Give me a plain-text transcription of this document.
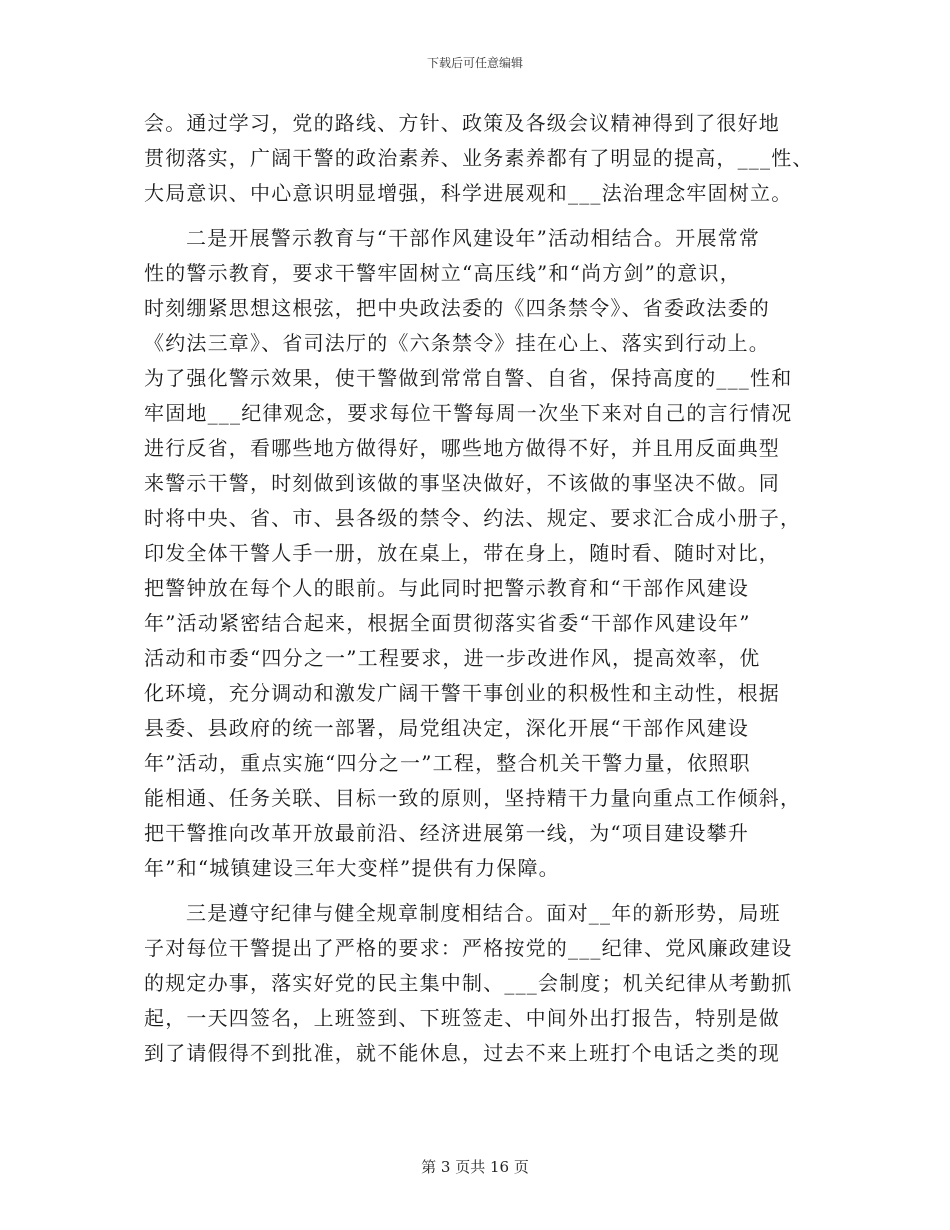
下载后可任意编辑
会。通过学习，党的路线、方针、政策及各级会议精神得到了很好地
贯彻落实，广阔干警的政治素养、业务素养都有了明显的提高，___性、
大局意识、中心意识明显增强，科学进展观和___法治理念牢固树立。
二是开展警示教育与“干部作风建设年”活动相结合。开展常常
性的警示教育，要求干警牢固树立“高压线”和“尚方剑”的意识，
时刻绷紧思想这根弦，把中央政法委的《四条禁令》、省委政法委的
《约法三章》、省司法厅的《六条禁令》挂在心上、落实到行动上。
为了强化警示效果，使干警做到常常自警、自省，保持高度的___性和
牢固地___纪律观念，要求每位干警每周一次坐下来对自己的言行情况
进行反省，看哪些地方做得好，哪些地方做得不好，并且用反面典型
来警示干警，时刻做到该做的事坚决做好，不该做的事坚决不做。同
时将中央、省、市、县各级的禁令、约法、规定、要求汇合成小册子，
印发全体干警人手一册，放在桌上，带在身上，随时看、随时对比，
把警钟放在每个人的眼前。与此同时把警示教育和“干部作风建设
年”活动紧密结合起来，根据全面贯彻落实省委“干部作风建设年”
活动和市委“四分之一”工程要求，进一步改进作风，提高效率，优
化环境，充分调动和激发广阔干警干事创业的积极性和主动性，根据
县委、县政府的统一部署，局党组决定，深化开展“干部作风建设
年”活动，重点实施“四分之一”工程，整合机关干警力量，依照职
能相通、任务关联、目标一致的原则，坚持精干力量向重点工作倾斜，
把干警推向改革开放最前沿、经济进展第一线，为“项目建设攀升
年”和“城镇建设三年大变样”提供有力保障。
三是遵守纪律与健全规章制度相结合。面对__年的新形势，局班
子对每位干警提出了严格的要求：严格按党的___纪律、党风廉政建设
的规定办事，落实好党的民主集中制、___会制度；机关纪律从考勤抓
起，一天四签名，上班签到、下班签走、中间外出打报告，特别是做
到了请假得不到批准，就不能休息，过去不来上班打个电话之类的现
第 3 页共 16 页
